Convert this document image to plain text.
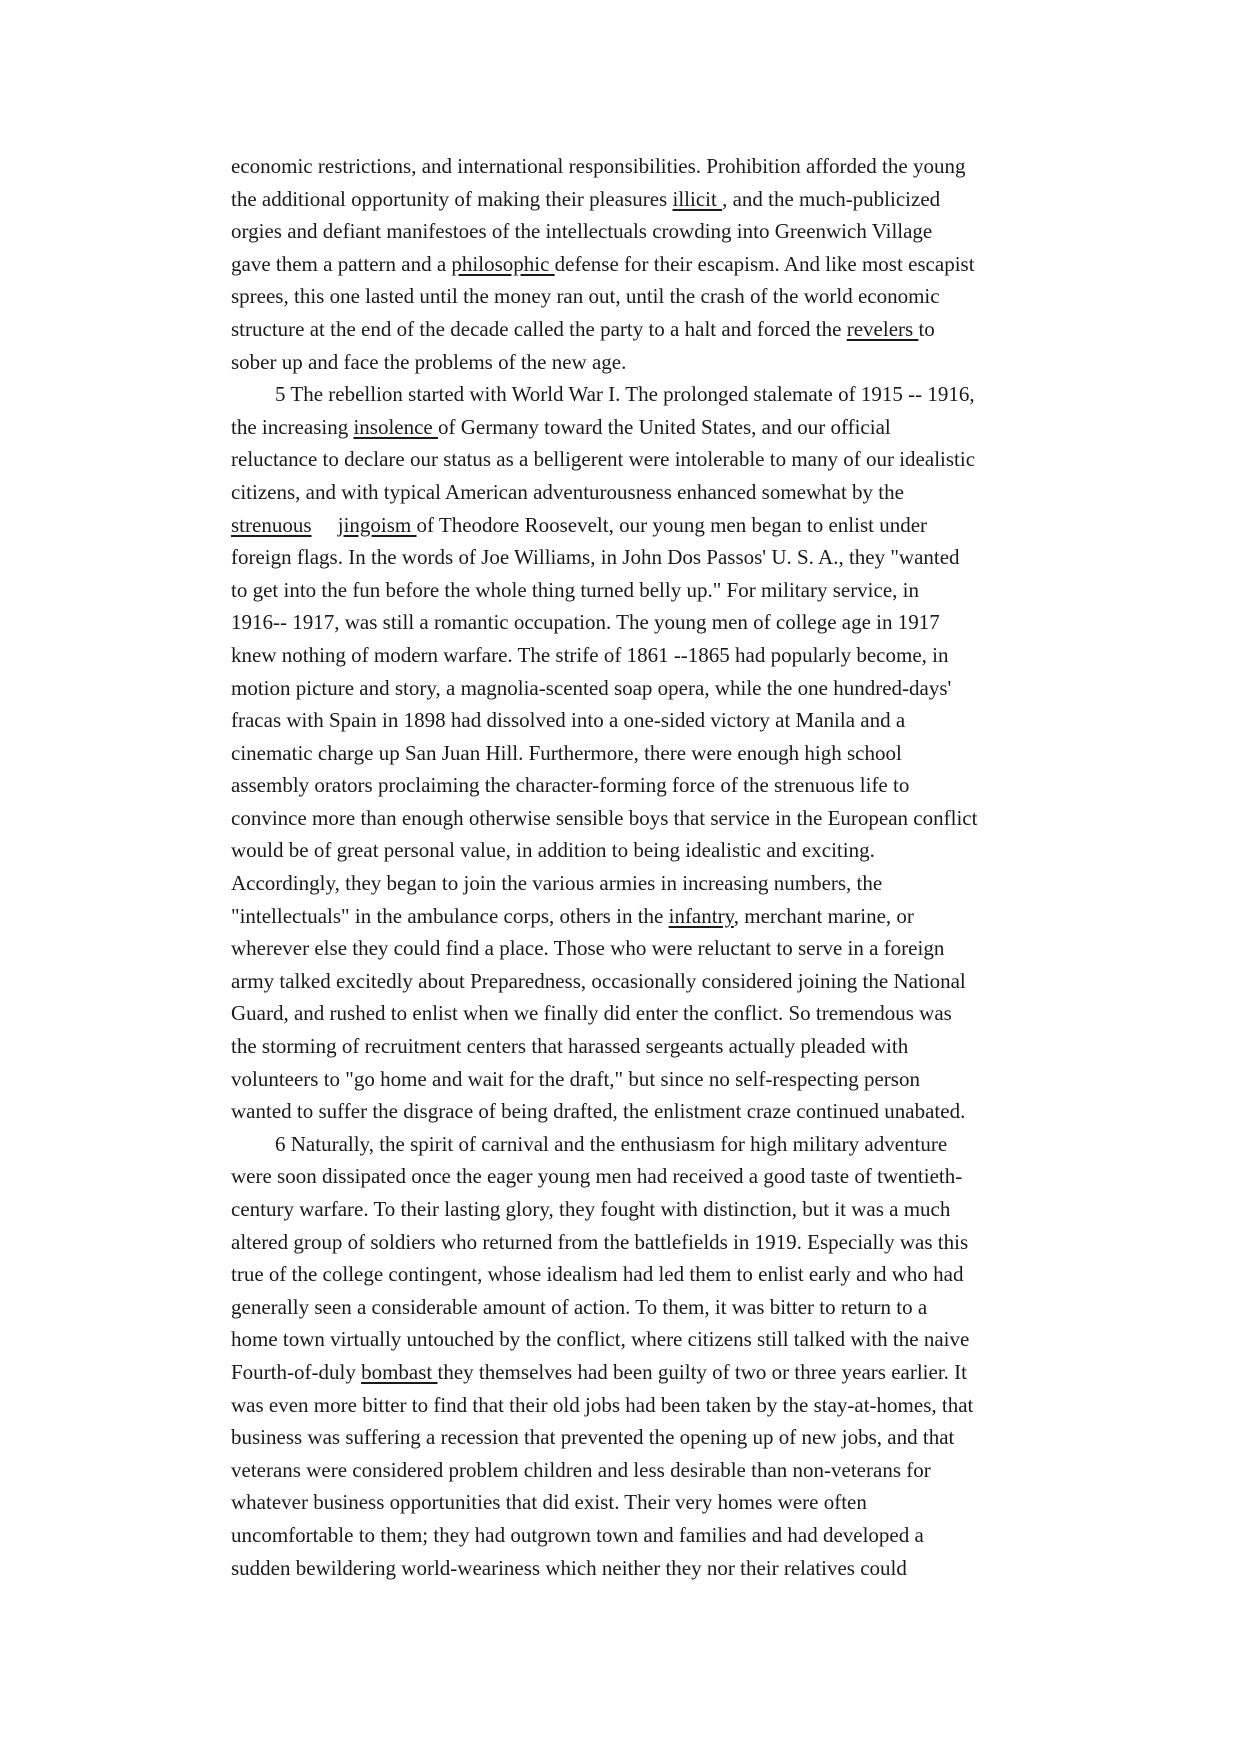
economic restrictions, and international responsibilities. Prohibition afforded the young
the additional opportunity of making their pleasures illicit , and the much-publicized
orgies and defiant manifestoes of the intellectuals crowding into Greenwich Village
gave them a pattern and a philosophic defense for their escapism. And like most escapist
sprees, this one lasted until the money ran out, until the crash of the world economic
structure at the end of the decade called the party to a halt and forced the revelers to
sober up and face the problems of the new age.
5 The rebellion started with World War I. The prolonged stalemate of 1915 -- 1916,
the increasing insolence of Germany toward the United States, and our official
reluctance to declare our status as a belligerent were intolerable to many of our idealistic
citizens, and with typical American adventurousness enhanced somewhat by the
strenuous jingoism of Theodore Roosevelt, our young men began to enlist under
foreign flags. In the words of Joe Williams, in John Dos Passos' U. S. A., they "wanted
to get into the fun before the whole thing turned belly up." For military service, in
1916-- 1917, was still a romantic occupation. The young men of college age in 1917
knew nothing of modern warfare. The strife of 1861 --1865 had popularly become, in
motion picture and story, a magnolia-scented soap opera, while the one hundred-days'
fracas with Spain in 1898 had dissolved into a one-sided victory at Manila and a
cinematic charge up San Juan Hill. Furthermore, there were enough high school
assembly orators proclaiming the character-forming force of the strenuous life to
convince more than enough otherwise sensible boys that service in the European conflict
would be of great personal value, in addition to being idealistic and exciting.
Accordingly, they began to join the various armies in increasing numbers, the
"intellectuals" in the ambulance corps, others in the infantry, merchant marine, or
wherever else they could find a place. Those who were reluctant to serve in a foreign
army talked excitedly about Preparedness, occasionally considered joining the National
Guard, and rushed to enlist when we finally did enter the conflict. So tremendous was
the storming of recruitment centers that harassed sergeants actually pleaded with
volunteers to "go home and wait for the draft," but since no self-respecting person
wanted to suffer the disgrace of being drafted, the enlistment craze continued unabated.
6 Naturally, the spirit of carnival and the enthusiasm for high military adventure
were soon dissipated once the eager young men had received a good taste of twentieth-
century warfare. To their lasting glory, they fought with distinction, but it was a much
altered group of soldiers who returned from the battlefields in 1919. Especially was this
true of the college contingent, whose idealism had led them to enlist early and who had
generally seen a considerable amount of action. To them, it was bitter to return to a
home town virtually untouched by the conflict, where citizens still talked with the naive
Fourth-of-duly bombast they themselves had been guilty of two or three years earlier. It
was even more bitter to find that their old jobs had been taken by the stay-at-homes, that
business was suffering a recession that prevented the opening up of new jobs, and that
veterans were considered problem children and less desirable than non-veterans for
whatever business opportunities that did exist. Their very homes were often
uncomfortable to them; they had outgrown town and families and had developed a
sudden bewildering world-weariness which neither they nor their relatives could
